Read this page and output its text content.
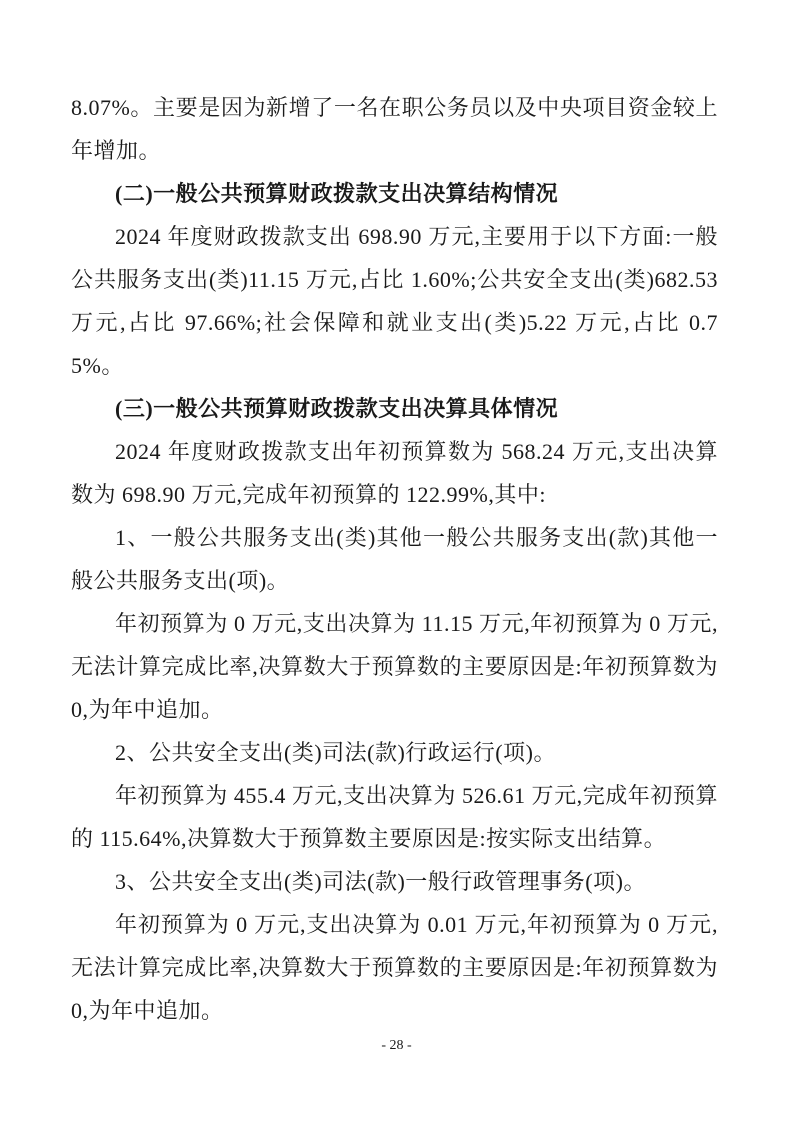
8.07%。主要是因为新增了一名在职公务员以及中央项目资金较上年增加。

(二)一般公共预算财政拨款支出决算结构情况

2024 年度财政拨款支出 698.90 万元,主要用于以下方面:一般公共服务支出(类)11.15 万元,占比 1.60%;公共安全支出(类)682.53 万元,占比 97.66%;社会保障和就业支出(类)5.22 万元,占比 0.75%。

(三)一般公共预算财政拨款支出决算具体情况

2024 年度财政拨款支出年初预算数为 568.24 万元,支出决算数为 698.90 万元,完成年初预算的 122.99%,其中:

1、一般公共服务支出(类)其他一般公共服务支出(款)其他一般公共服务支出(项)。

年初预算为 0 万元,支出决算为 11.15 万元,年初预算为 0 万元,无法计算完成比率,决算数大于预算数的主要原因是:年初预算数为 0,为年中追加。

2、公共安全支出(类)司法(款)行政运行(项)。

年初预算为 455.4 万元,支出决算为 526.61 万元,完成年初预算的 115.64%,决算数大于预算数主要原因是:按实际支出结算。

3、公共安全支出(类)司法(款)一般行政管理事务(项)。

年初预算为 0 万元,支出决算为 0.01 万元,年初预算为 0 万元,无法计算完成比率,决算数大于预算数的主要原因是:年初预算数为 0,为年中追加。

- 28 -
